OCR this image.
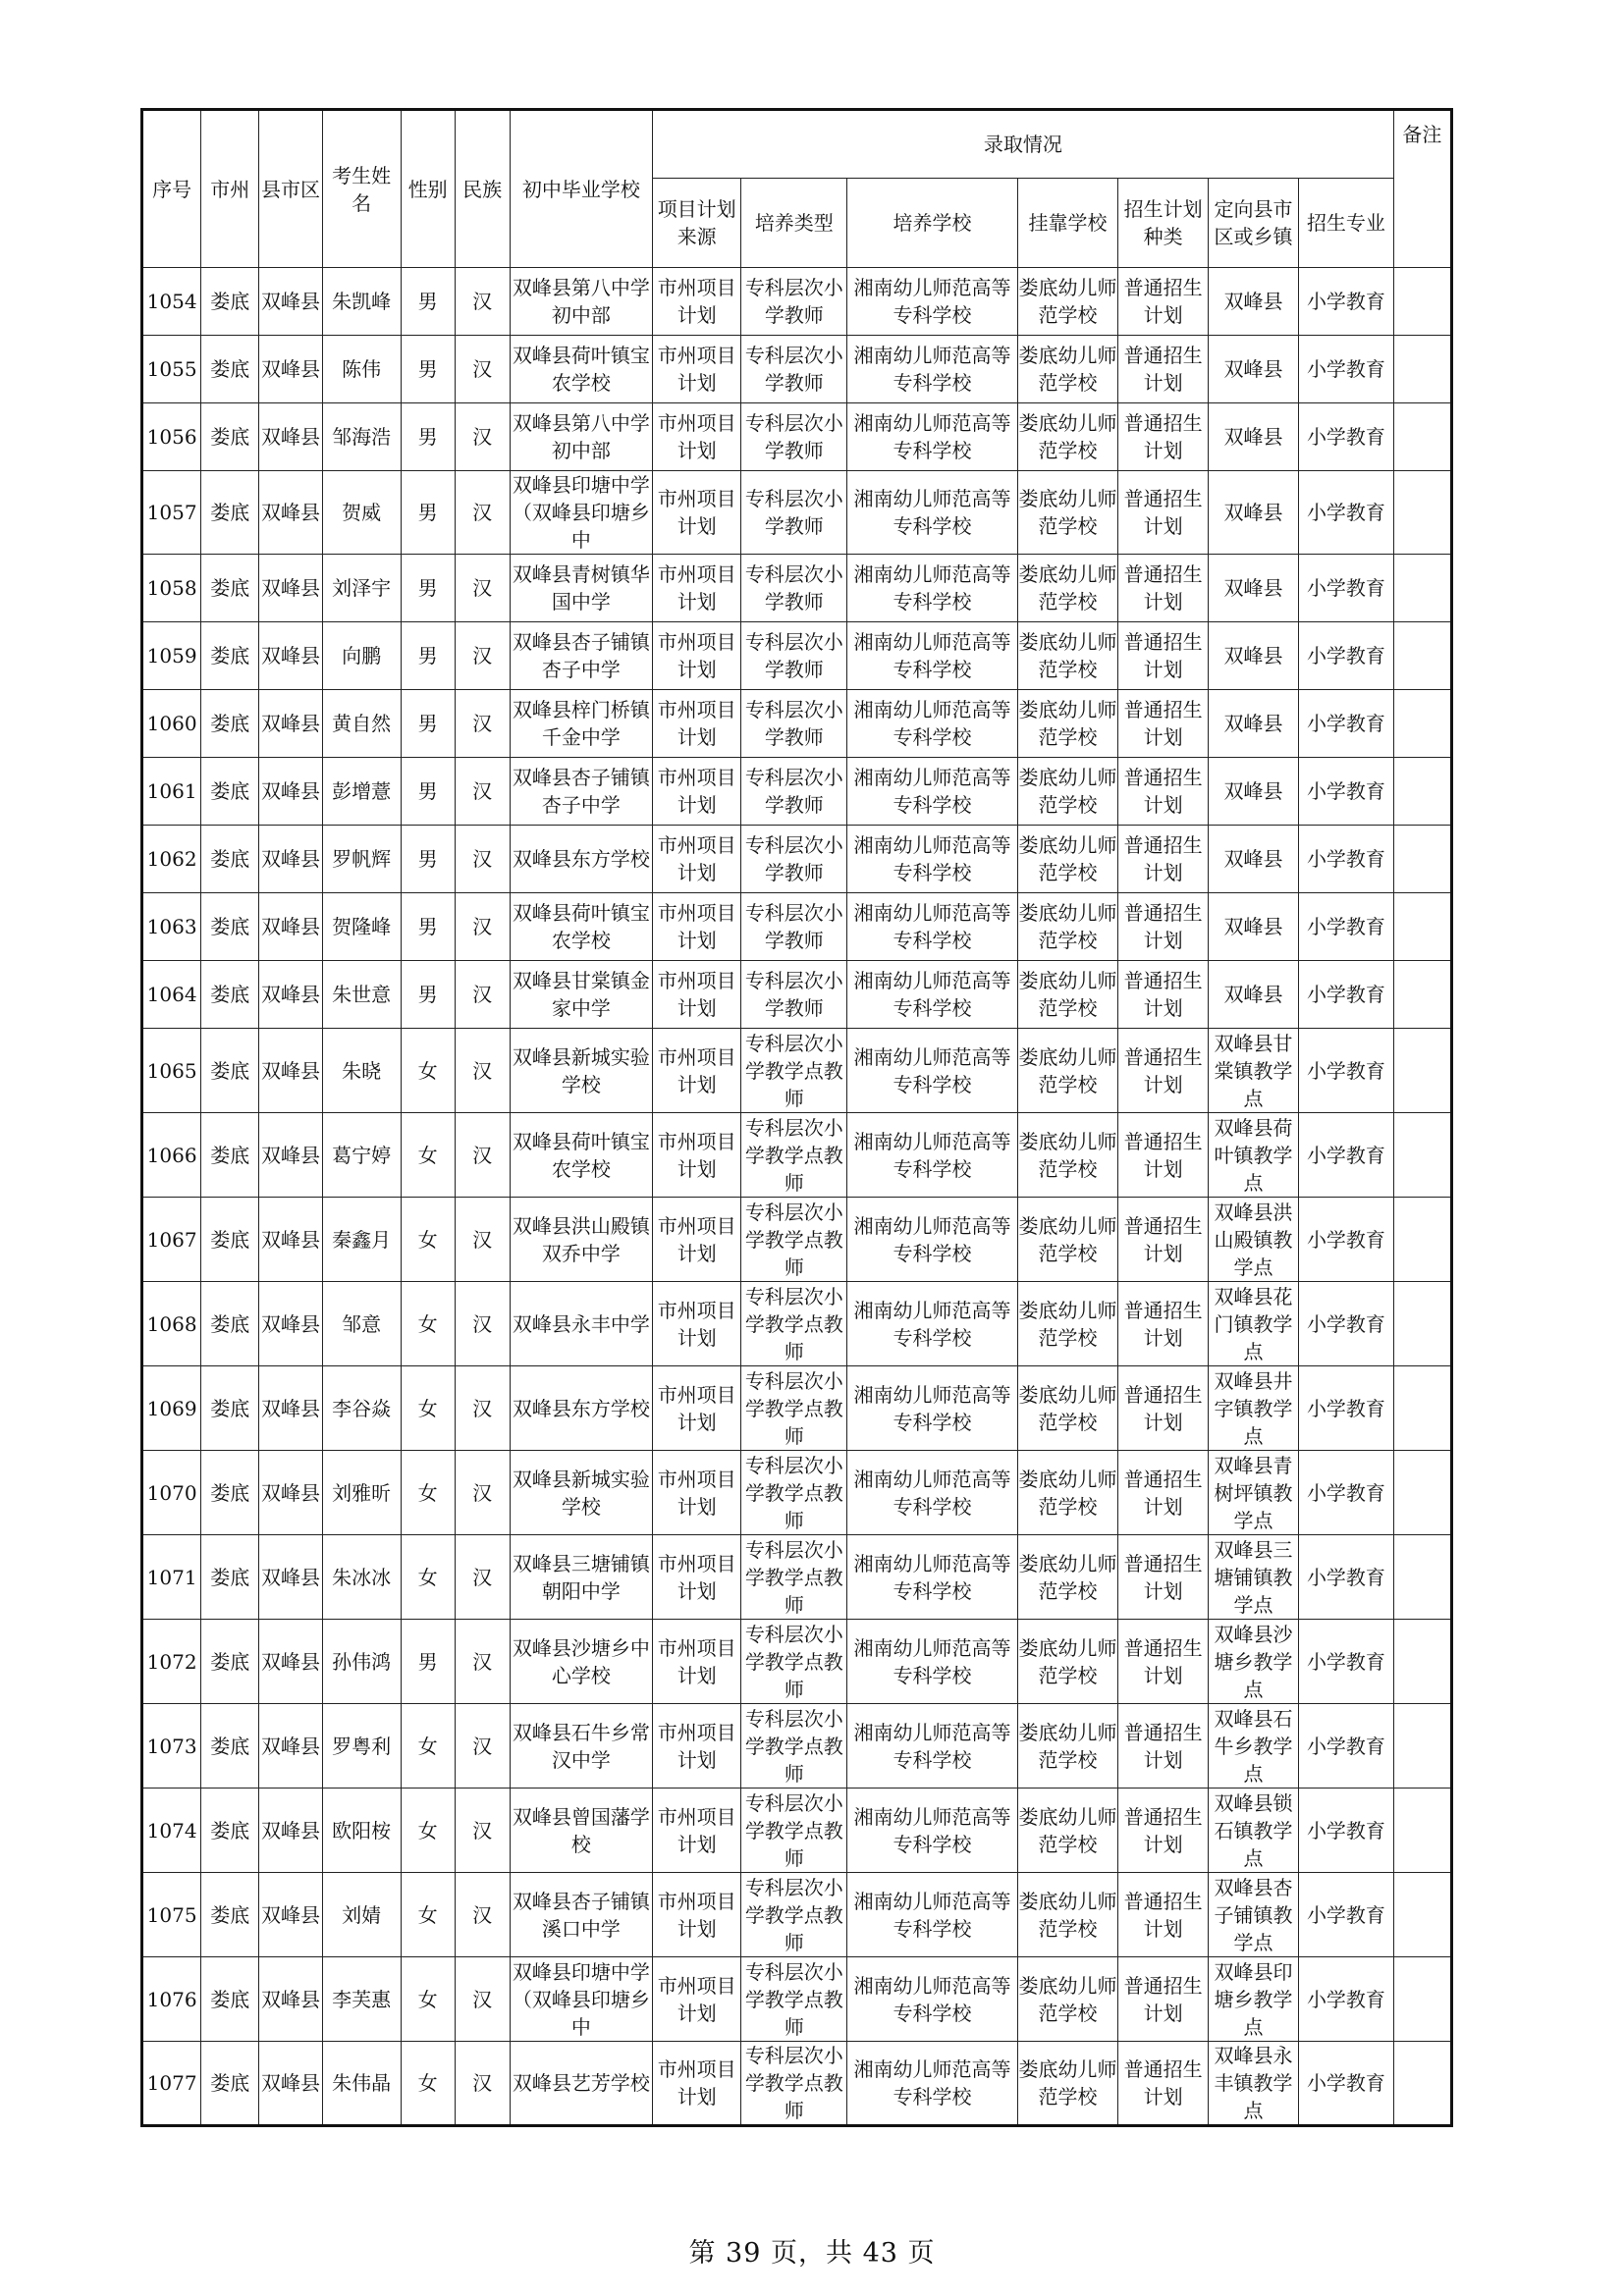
序号	市州	县市区	考生姓名	性别	民族	初中毕业学校	录取情况							备注
							项目计划来源	培养类型	培养学校	挂靠学校	招生计划种类	定向县市区或乡镇	招生专业	
1054	娄底	双峰县	朱凯峰	男	汉	双峰县第八中学初中部	市州项目计划	专科层次小学教师	湘南幼儿师范高等专科学校	娄底幼儿师范学校	普通招生计划	双峰县	小学教育	
1055	娄底	双峰县	陈伟	男	汉	双峰县荷叶镇宝农学校	市州项目计划	专科层次小学教师	湘南幼儿师范高等专科学校	娄底幼儿师范学校	普通招生计划	双峰县	小学教育	
1056	娄底	双峰县	邹海浩	男	汉	双峰县第八中学初中部	市州项目计划	专科层次小学教师	湘南幼儿师范高等专科学校	娄底幼儿师范学校	普通招生计划	双峰县	小学教育	
1057	娄底	双峰县	贺威	男	汉	双峰县印塘中学（双峰县印塘乡中	市州项目计划	专科层次小学教师	湘南幼儿师范高等专科学校	娄底幼儿师范学校	普通招生计划	双峰县	小学教育	
1058	娄底	双峰县	刘泽宇	男	汉	双峰县青树镇华国中学	市州项目计划	专科层次小学教师	湘南幼儿师范高等专科学校	娄底幼儿师范学校	普通招生计划	双峰县	小学教育	
1059	娄底	双峰县	向鹏	男	汉	双峰县杏子铺镇杏子中学	市州项目计划	专科层次小学教师	湘南幼儿师范高等专科学校	娄底幼儿师范学校	普通招生计划	双峰县	小学教育	
1060	娄底	双峰县	黄自然	男	汉	双峰县梓门桥镇千金中学	市州项目计划	专科层次小学教师	湘南幼儿师范高等专科学校	娄底幼儿师范学校	普通招生计划	双峰县	小学教育	
1061	娄底	双峰县	彭增薏	男	汉	双峰县杏子铺镇杏子中学	市州项目计划	专科层次小学教师	湘南幼儿师范高等专科学校	娄底幼儿师范学校	普通招生计划	双峰县	小学教育	
1062	娄底	双峰县	罗帆辉	男	汉	双峰县东方学校	市州项目计划	专科层次小学教师	湘南幼儿师范高等专科学校	娄底幼儿师范学校	普通招生计划	双峰县	小学教育	
1063	娄底	双峰县	贺隆峰	男	汉	双峰县荷叶镇宝农学校	市州项目计划	专科层次小学教师	湘南幼儿师范高等专科学校	娄底幼儿师范学校	普通招生计划	双峰县	小学教育	
1064	娄底	双峰县	朱世意	男	汉	双峰县甘棠镇金家中学	市州项目计划	专科层次小学教师	湘南幼儿师范高等专科学校	娄底幼儿师范学校	普通招生计划	双峰县	小学教育	
1065	娄底	双峰县	朱晓	女	汉	双峰县新城实验学校	市州项目计划	专科层次小学教学点教师	湘南幼儿师范高等专科学校	娄底幼儿师范学校	普通招生计划	双峰县甘棠镇教学点	小学教育	
1066	娄底	双峰县	葛宁婷	女	汉	双峰县荷叶镇宝农学校	市州项目计划	专科层次小学教学点教师	湘南幼儿师范高等专科学校	娄底幼儿师范学校	普通招生计划	双峰县荷叶镇教学点	小学教育	
1067	娄底	双峰县	秦鑫月	女	汉	双峰县洪山殿镇双乔中学	市州项目计划	专科层次小学教学点教师	湘南幼儿师范高等专科学校	娄底幼儿师范学校	普通招生计划	双峰县洪山殿镇教学点	小学教育	
1068	娄底	双峰县	邹意	女	汉	双峰县永丰中学	市州项目计划	专科层次小学教学点教师	湘南幼儿师范高等专科学校	娄底幼儿师范学校	普通招生计划	双峰县花门镇教学点	小学教育	
1069	娄底	双峰县	李谷焱	女	汉	双峰县东方学校	市州项目计划	专科层次小学教学点教师	湘南幼儿师范高等专科学校	娄底幼儿师范学校	普通招生计划	双峰县井字镇教学点	小学教育	
1070	娄底	双峰县	刘雅昕	女	汉	双峰县新城实验学校	市州项目计划	专科层次小学教学点教师	湘南幼儿师范高等专科学校	娄底幼儿师范学校	普通招生计划	双峰县青树坪镇教学点	小学教育	
1071	娄底	双峰县	朱冰冰	女	汉	双峰县三塘铺镇朝阳中学	市州项目计划	专科层次小学教学点教师	湘南幼儿师范高等专科学校	娄底幼儿师范学校	普通招生计划	双峰县三塘铺镇教学点	小学教育	
1072	娄底	双峰县	孙伟鸿	男	汉	双峰县沙塘乡中心学校	市州项目计划	专科层次小学教学点教师	湘南幼儿师范高等专科学校	娄底幼儿师范学校	普通招生计划	双峰县沙塘乡教学点	小学教育	
1073	娄底	双峰县	罗粤利	女	汉	双峰县石牛乡常汉中学	市州项目计划	专科层次小学教学点教师	湘南幼儿师范高等专科学校	娄底幼儿师范学校	普通招生计划	双峰县石牛乡教学点	小学教育	
1074	娄底	双峰县	欧阳桉	女	汉	双峰县曾国藩学校	市州项目计划	专科层次小学教学点教师	湘南幼儿师范高等专科学校	娄底幼儿师范学校	普通招生计划	双峰县锁石镇教学点	小学教育	
1075	娄底	双峰县	刘婧	女	汉	双峰县杏子铺镇溪口中学	市州项目计划	专科层次小学教学点教师	湘南幼儿师范高等专科学校	娄底幼儿师范学校	普通招生计划	双峰县杏子铺镇教学点	小学教育	
1076	娄底	双峰县	李芙惠	女	汉	双峰县印塘中学（双峰县印塘乡中	市州项目计划	专科层次小学教学点教师	湘南幼儿师范高等专科学校	娄底幼儿师范学校	普通招生计划	双峰县印塘乡教学点	小学教育	
1077	娄底	双峰县	朱伟晶	女	汉	双峰县艺芳学校	市州项目计划	专科层次小学教学点教师	湘南幼儿师范高等专科学校	娄底幼儿师范学校	普通招生计划	双峰县永丰镇教学点	小学教育	
第 39 页，共 43 页
